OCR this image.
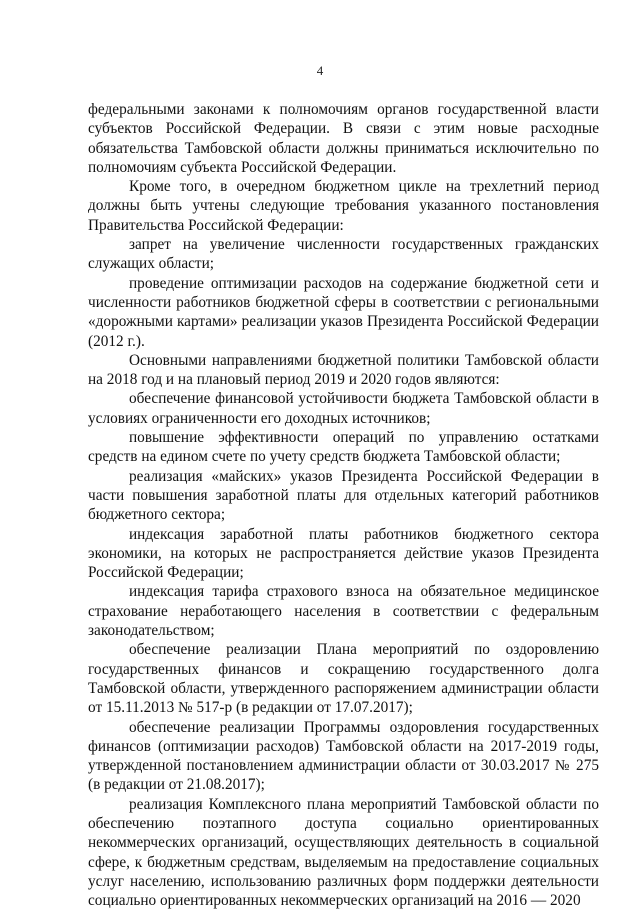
4

федеральными законами к полномочиям органов государственной власти субъектов Российской Федерации. В связи с этим новые расходные обязательства Тамбовской области должны приниматься исключительно по полномочиям субъекта Российской Федерации.

Кроме того, в очередном бюджетном цикле на трехлетний период должны быть учтены следующие требования указанного постановления Правительства Российской Федерации:

запрет на увеличение численности государственных гражданских служащих области;

проведение оптимизации расходов на содержание бюджетной сети и численности работников бюджетной сферы в соответствии с региональными «дорожными картами» реализации указов Президента Российской Федерации (2012 г.).

Основными направлениями бюджетной политики Тамбовской области на 2018 год и на плановый период 2019 и 2020 годов являются:

обеспечение финансовой устойчивости бюджета Тамбовской области в условиях ограниченности его доходных источников;

повышение эффективности операций по управлению остатками средств на едином счете по учету средств бюджета Тамбовской области;

реализация «майских» указов Президента Российской Федерации в части повышения заработной платы для отдельных категорий работников бюджетного сектора;

индексация заработной платы работников бюджетного сектора экономики, на которых не распространяется действие указов Президента Российской Федерации;

индексация тарифа страхового взноса на обязательное медицинское страхование неработающего населения в соответствии с федеральным законодательством;

обеспечение реализации Плана мероприятий по оздоровлению государственных финансов и сокращению государственного долга Тамбовской области, утвержденного распоряжением администрации области от 15.11.2013 № 517-р (в редакции от 17.07.2017);

обеспечение реализации Программы оздоровления государственных финансов (оптимизации расходов) Тамбовской области на 2017-2019 годы, утвержденной постановлением администрации области от 30.03.2017 № 275 (в редакции от 21.08.2017);

реализация Комплексного плана мероприятий Тамбовской области по обеспечению поэтапного доступа социально ориентированных некоммерческих организаций, осуществляющих деятельность в социальной сфере, к бюджетным средствам, выделяемым на предоставление социальных услуг населению, использованию различных форм поддержки деятельности социально ориентированных некоммерческих организаций на 2016 — 2020
